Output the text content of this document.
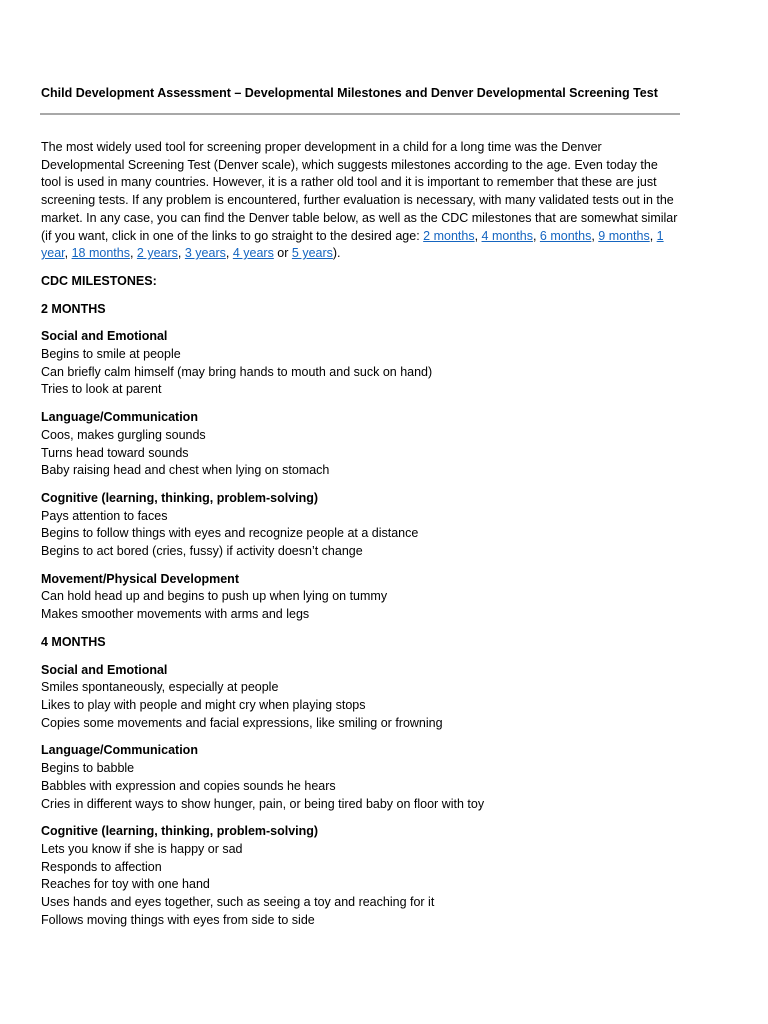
Child Development Assessment – Developmental Milestones and Denver Developmental Screening Test

The most widely used tool for screening proper development in a child for a long time was the Denver Developmental Screening Test (Denver scale), which suggests milestones according to the age. Even today the tool is used in many countries. However, it is a rather old tool and it is important to remember that these are just screening tests. If any problem is encountered, further evaluation is necessary, with many validated tests out in the market. In any case, you can find the Denver table below, as well as the CDC milestones that are somewhat similar (if you want, click in one of the links to go straight to the desired age: 2 months, 4 months, 6 months, 9 months, 1 year, 18 months, 2 years, 3 years, 4 years or 5 years).

CDC MILESTONES:

2 MONTHS

Social and Emotional
Begins to smile at people
Can briefly calm himself (may bring hands to mouth and suck on hand)
Tries to look at parent
Language/Communication
Coos, makes gurgling sounds
Turns head toward sounds
Baby raising head and chest when lying on stomach
Cognitive (learning, thinking, problem-solving)
Pays attention to faces
Begins to follow things with eyes and recognize people at a distance
Begins to act bored (cries, fussy) if activity doesn’t change
Movement/Physical Development
Can hold head up and begins to push up when lying on tummy
Makes smoother movements with arms and legs

4 MONTHS

Social and Emotional
Smiles spontaneously, especially at people
Likes to play with people and might cry when playing stops
Copies some movements and facial expressions, like smiling or frowning
Language/Communication
Begins to babble
Babbles with expression and copies sounds he hears
Cries in different ways to show hunger, pain, or being tired baby on floor with toy
Cognitive (learning, thinking, problem-solving)
Lets you know if she is happy or sad
Responds to affection
Reaches for toy with one hand
Uses hands and eyes together, such as seeing a toy and reaching for it
Follows moving things with eyes from side to side
